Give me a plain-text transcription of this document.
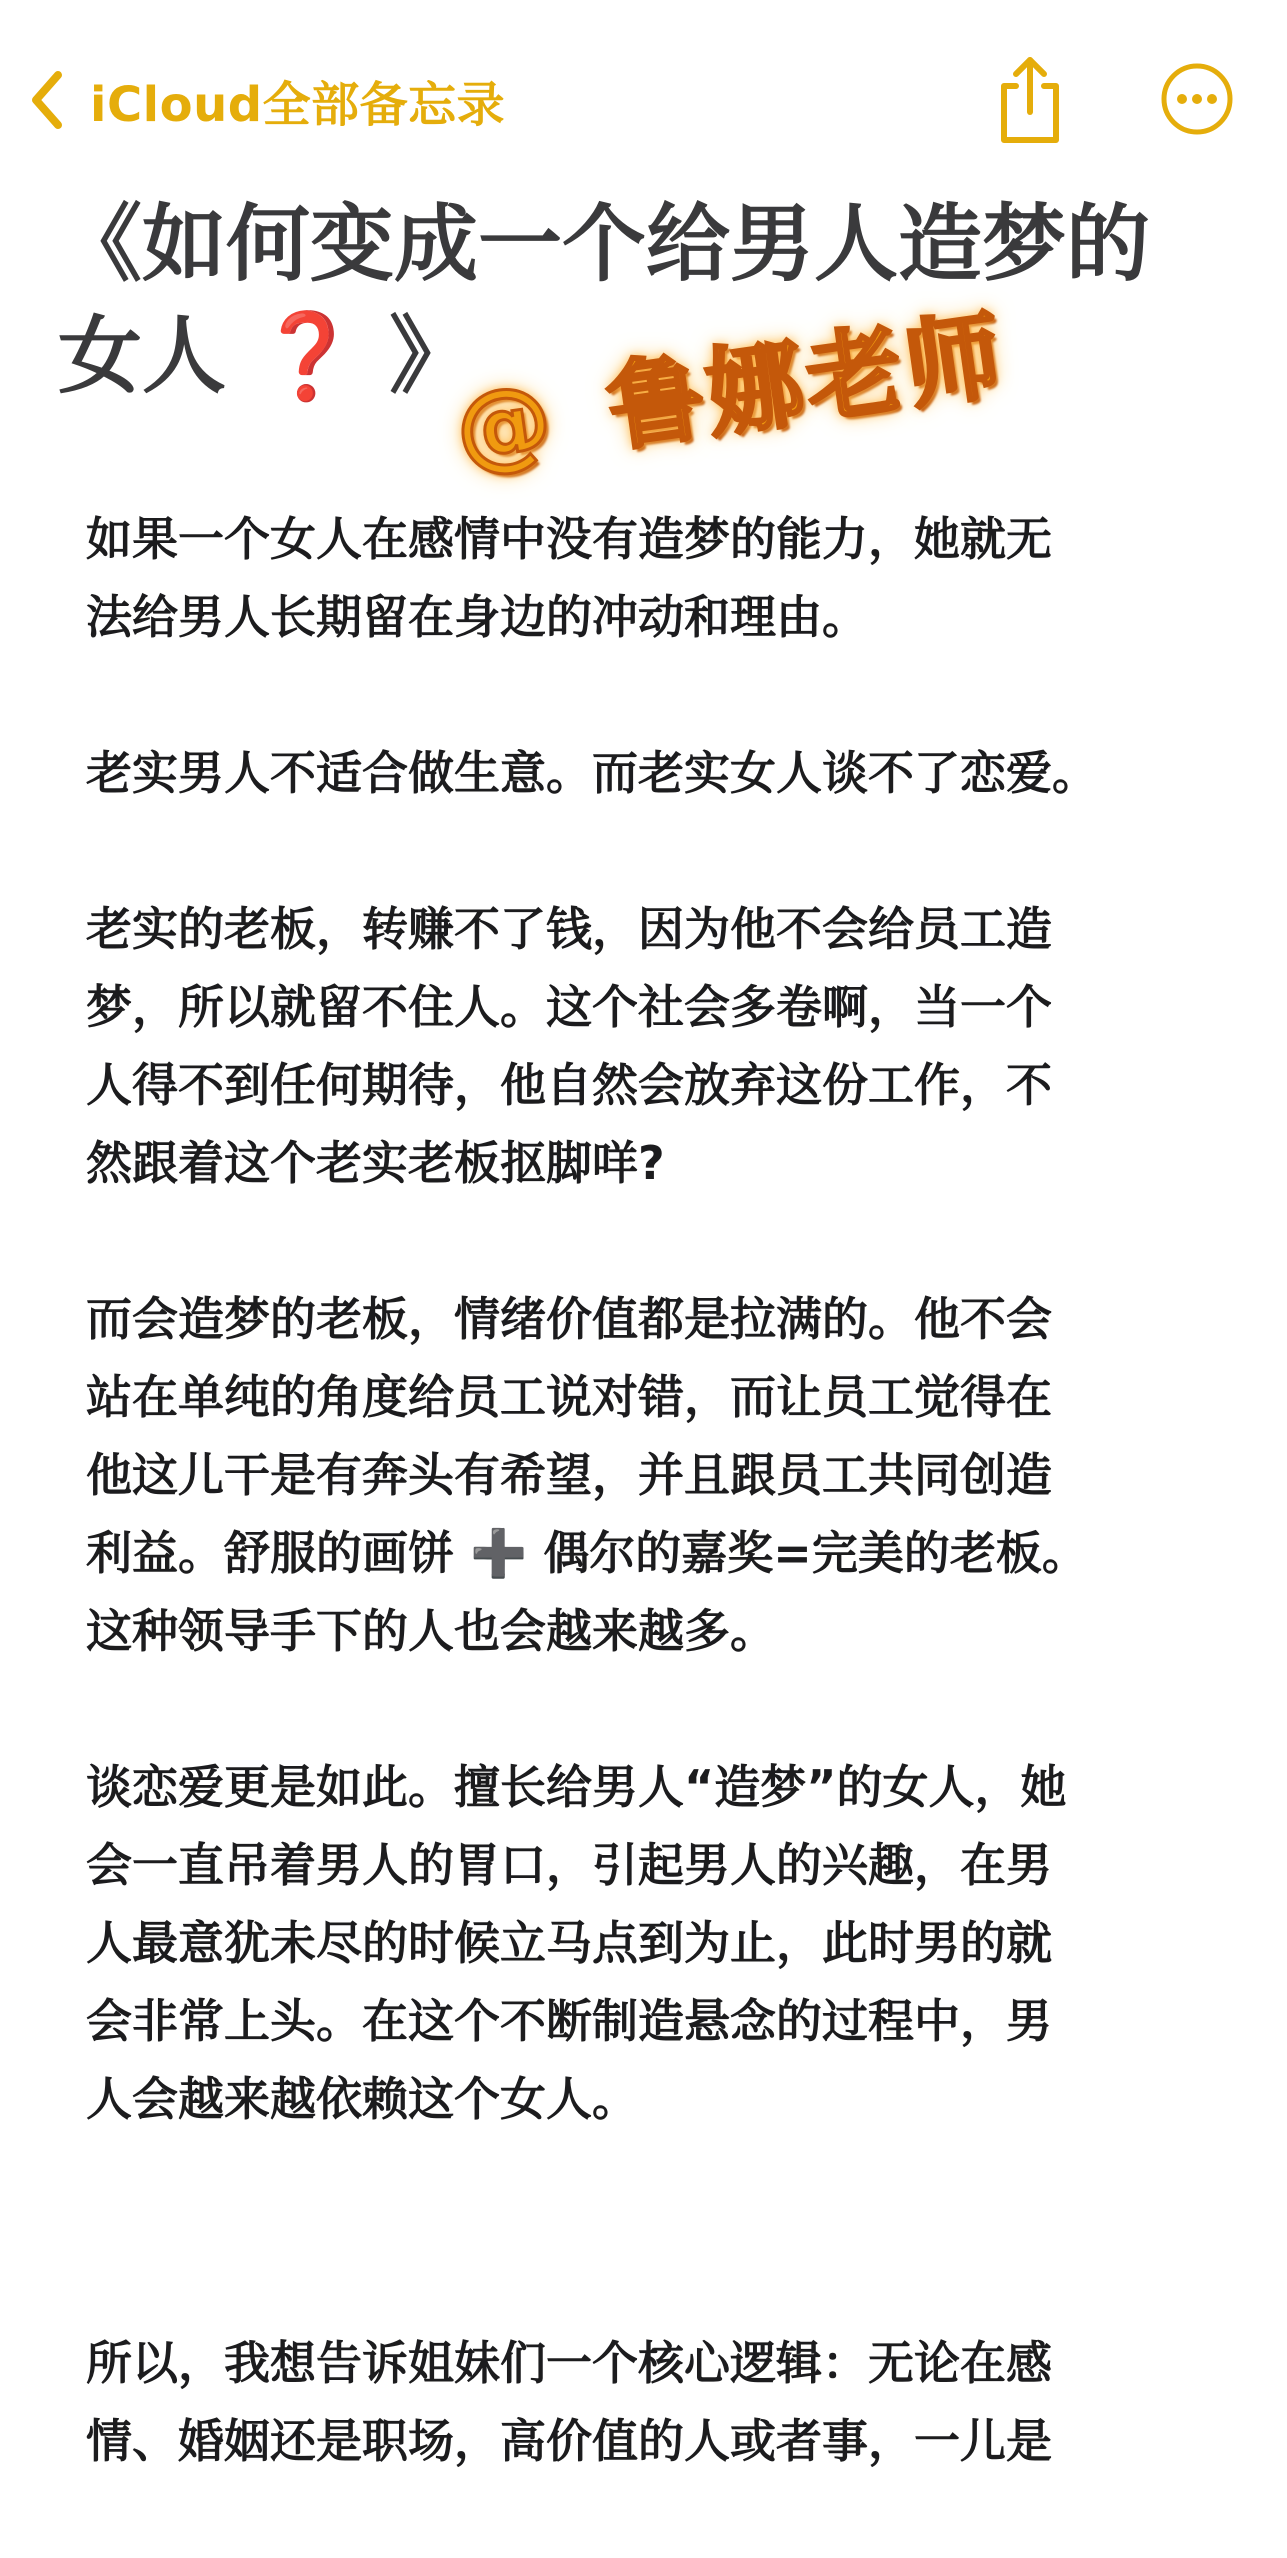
iCloud全部备忘录
《如何变成一个给男人造梦的
女人 ❓ 》
@ 鲁娜老师

如果一个女人在感情中没有造梦的能力，她就无
法给男人长期留在身边的冲动和理由。

老实男人不适合做生意。而老实女人谈不了恋爱。

老实的老板，转赚不了钱，因为他不会给员工造
梦，所以就留不住人。这个社会多卷啊，当一个
人得不到任何期待，他自然会放弃这份工作，不
然跟着这个老实老板抠脚咩?

而会造梦的老板，情绪价值都是拉满的。他不会
站在单纯的角度给员工说对错，而让员工觉得在
他这儿干是有奔头有希望，并且跟员工共同创造
利益。舒服的画饼 ➕ 偶尔的嘉奖=完美的老板。
这种领导手下的人也会越来越多。

谈恋爱更是如此。擅长给男人“造梦”的女人，她
会一直吊着男人的胃口，引起男人的兴趣，在男
人最意犹未尽的时候立马点到为止，此时男的就
会非常上头。在这个不断制造悬念的过程中，男
人会越来越依赖这个女人。

所以，我想告诉姐妹们一个核心逻辑：无论在感
情、婚姻还是职场，高价值的人或者事，一儿是
